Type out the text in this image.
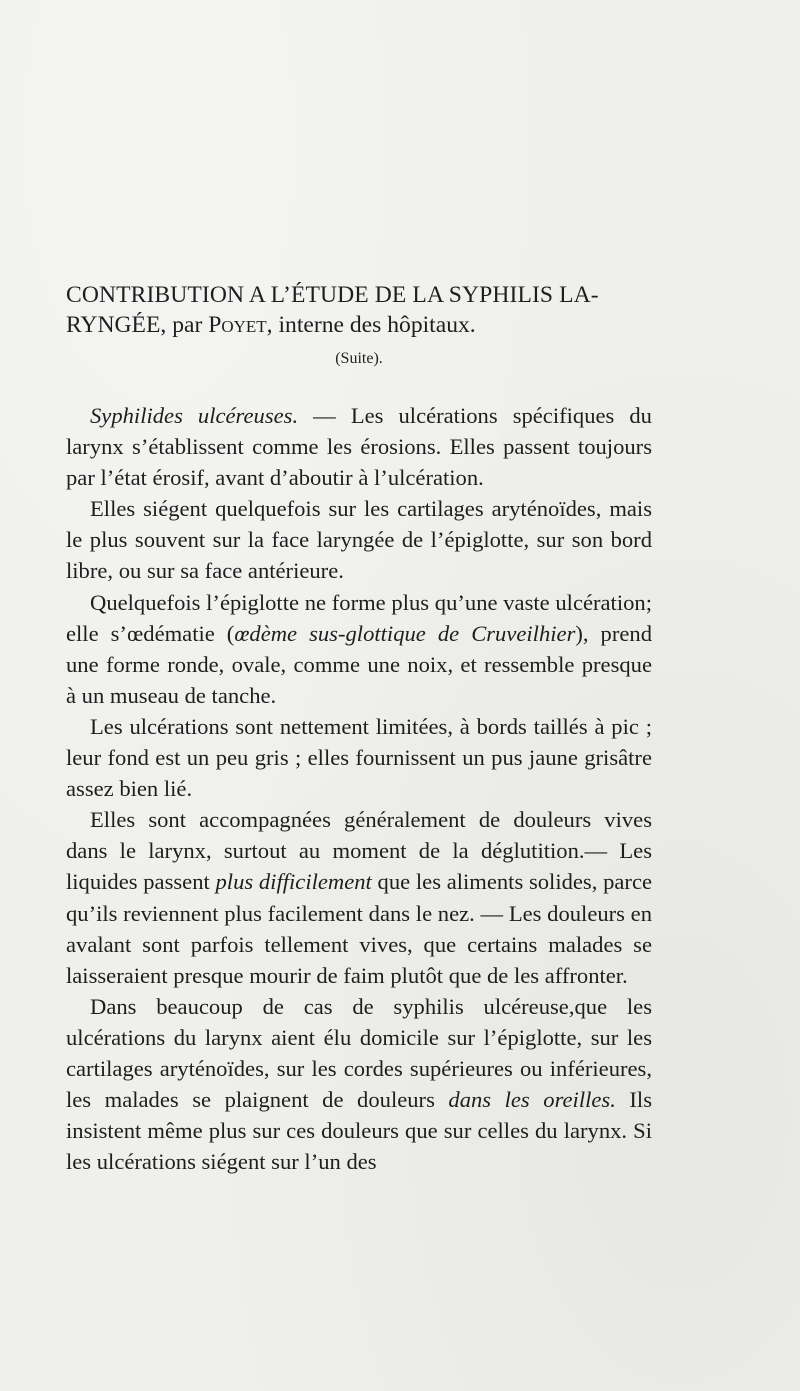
CONTRIBUTION A L’ÉTUDE DE LA SYPHILIS LA-
RYNGÉE, par Poyet, interne des hôpitaux.
(Suite).

Syphilides ulcéreuses. — Les ulcérations spécifiques du larynx s’établissent comme les érosions. Elles passent toujours par l’état érosif, avant d’aboutir à l’ulcération.

Elles siégent quelquefois sur les cartilages aryténoïdes, mais le plus souvent sur la face laryngée de l’épiglotte, sur son bord libre, ou sur sa face antérieure.

Quelquefois l’épiglotte ne forme plus qu’une vaste ulcération; elle s’œdématie (œdème sus-glottique de Cruveilhier), prend une forme ronde, ovale, comme une noix, et ressemble presque à un museau de tanche.

Les ulcérations sont nettement limitées, à bords taillés à pic ; leur fond est un peu gris ; elles fournissent un pus jaune grisâtre assez bien lié.

Elles sont accompagnées généralement de douleurs vives dans le larynx, surtout au moment de la déglutition.— Les liquides passent plus difficilement que les aliments solides, parce qu’ils reviennent plus facilement dans le nez. — Les douleurs en avalant sont parfois tellement vives, que certains malades se laisseraient presque mourir de faim plutôt que de les affronter.

Dans beaucoup de cas de syphilis ulcéreuse,que les ulcérations du larynx aient élu domicile sur l’épiglotte, sur les cartilages aryténoïdes, sur les cordes supérieures ou inférieures, les malades se plaignent de douleurs dans les oreilles. Ils insistent même plus sur ces douleurs que sur celles du larynx. Si les ulcérations siégent sur l’un des
